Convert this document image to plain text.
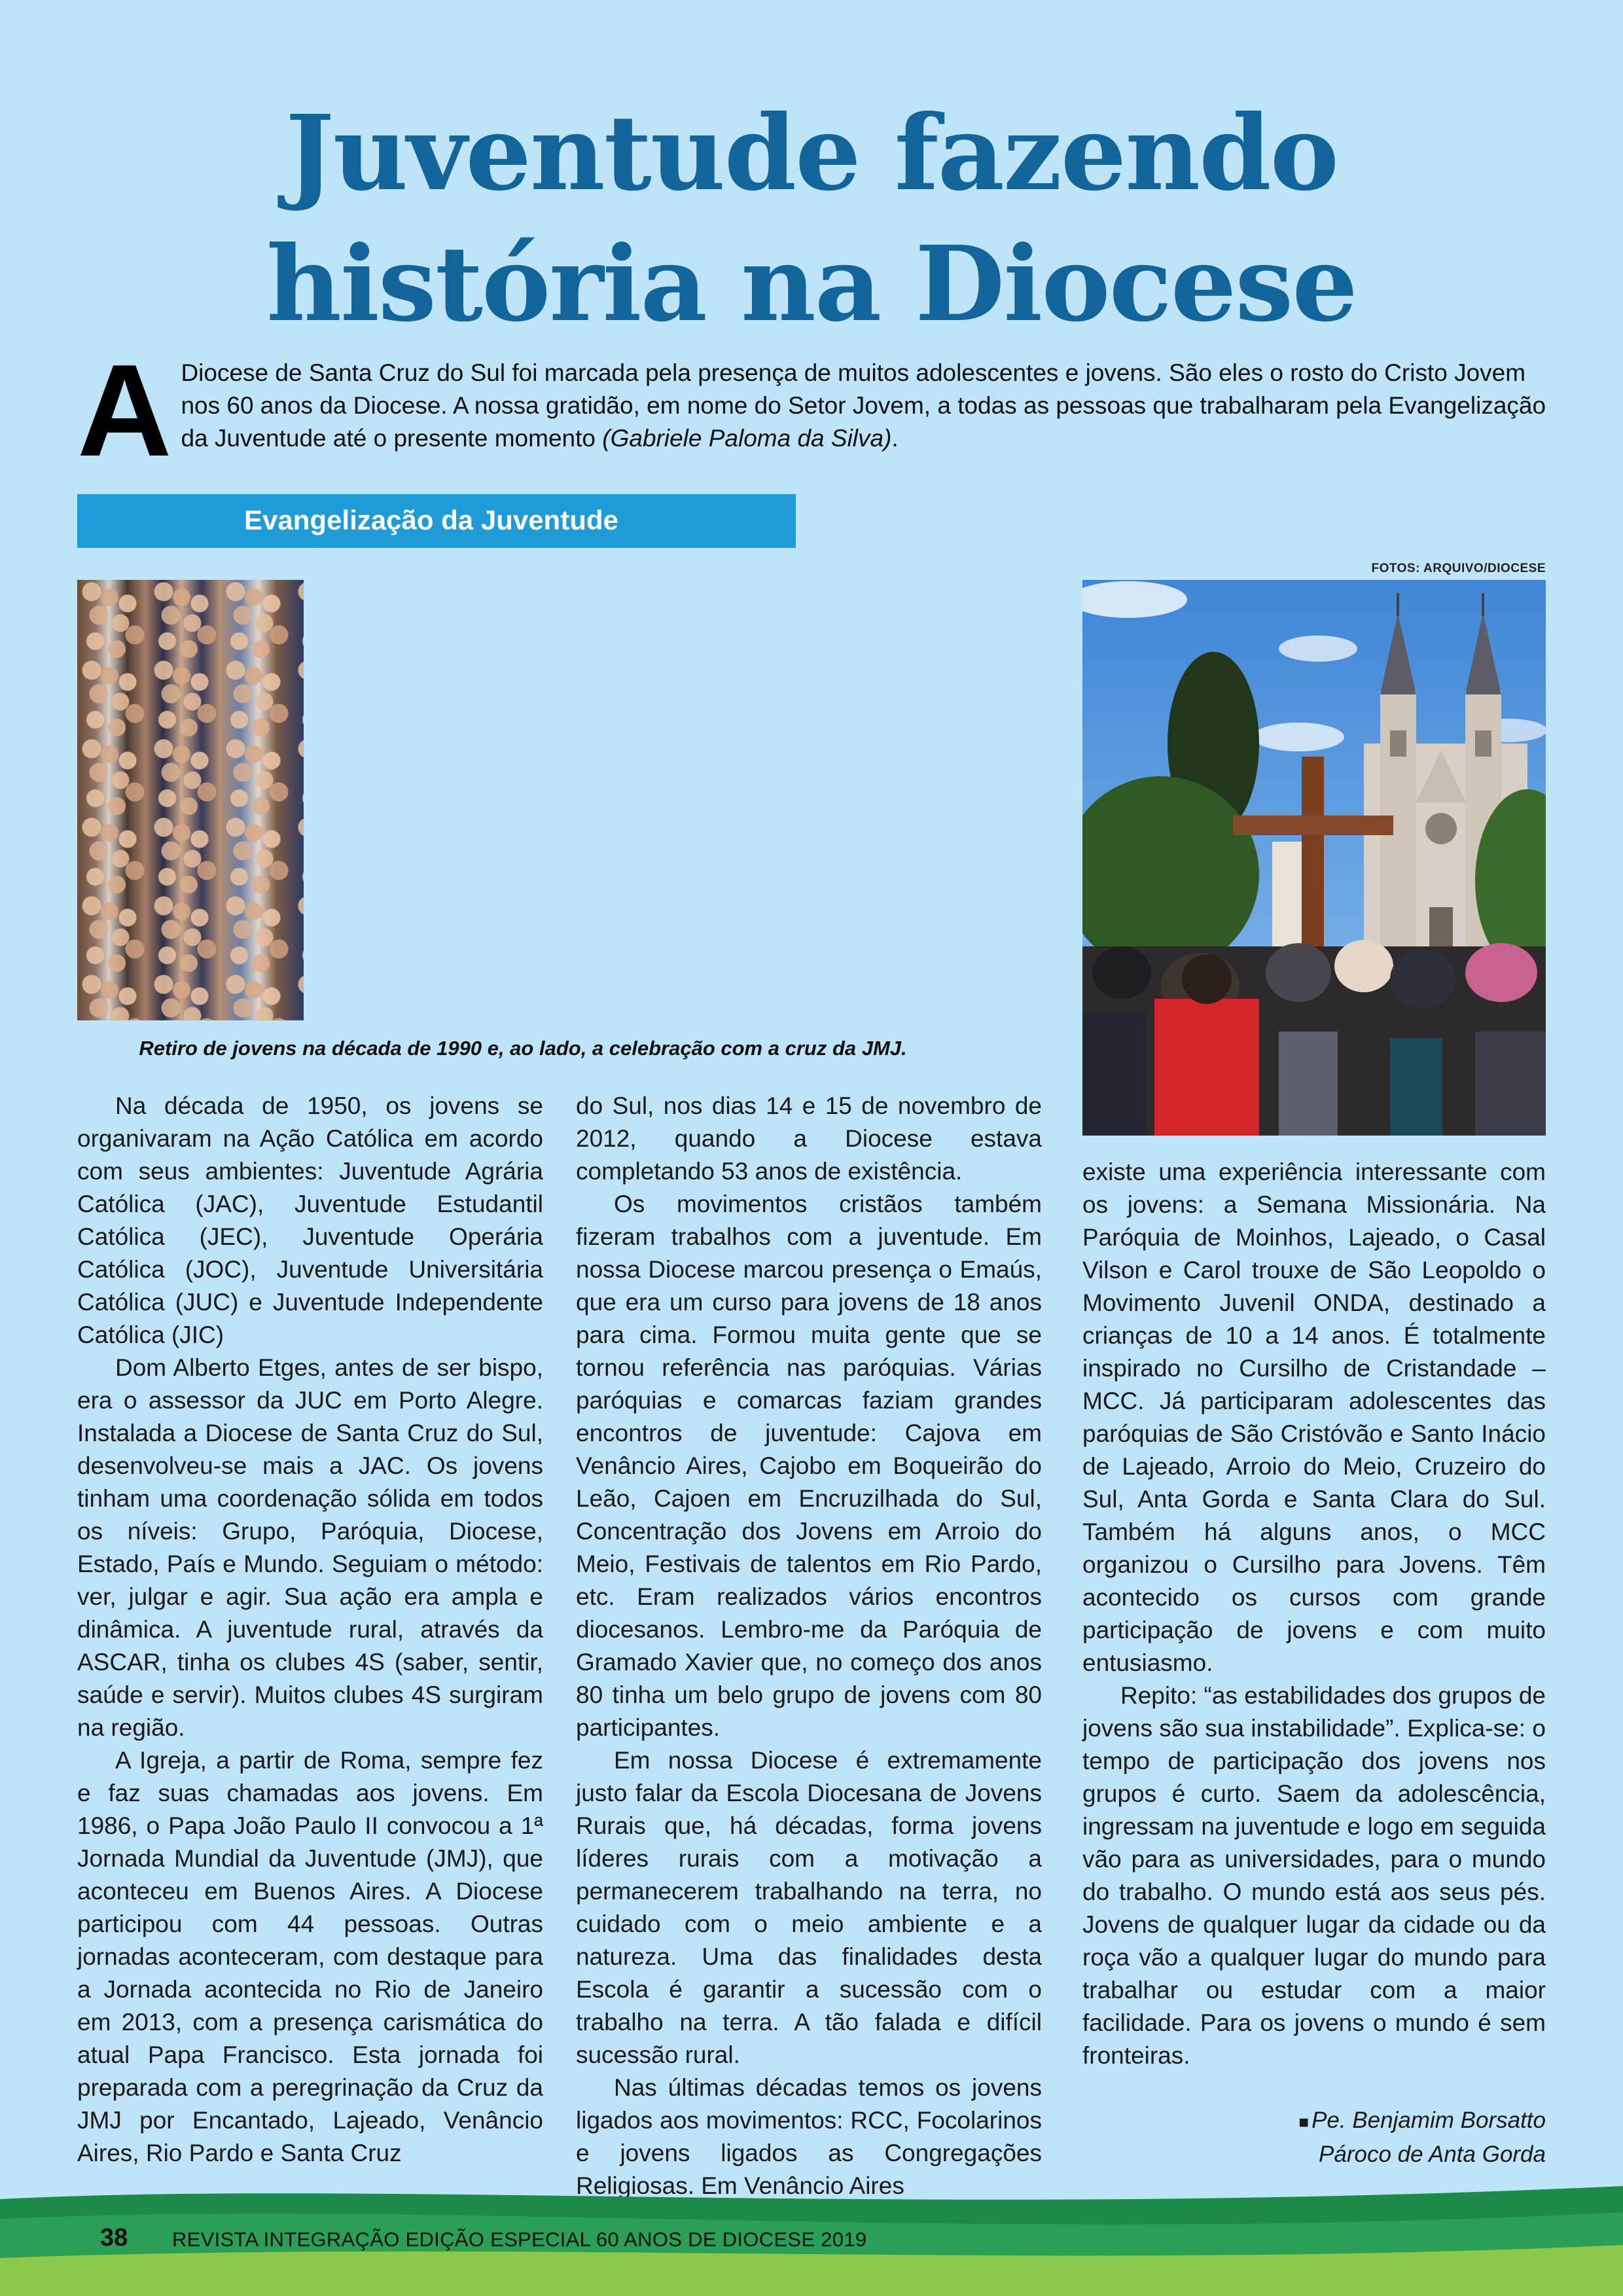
Juventude fazendo
história na Diocese
A Diocese de Santa Cruz do Sul foi marcada pela presença de muitos adolescentes e jovens. São eles o rosto do Cristo Jovem nos 60 anos da Diocese. A nossa gratidão, em nome do Setor Jovem, a todas as pessoas que trabalharam pela Evangelização da Juventude até o presente momento (Gabriele Paloma da Silva).
Evangelização da Juventude
FOTOS: ARQUIVO/DIOCESE
Retiro de jovens na década de 1990 e, ao lado, a celebração com a cruz da JMJ.

Na década de 1950, os jovens se organivaram na Ação Católica em acordo com seus ambientes: Juventude Agrária Católica (JAC), Juventude Estudantil Católica (JEC), Juventude Operária Católica (JOC), Juventude Universitária Católica (JUC) e Juventude Independente Católica (JIC)

Dom Alberto Etges, antes de ser bispo, era o assessor da JUC em Porto Alegre. Instalada a Diocese de Santa Cruz do Sul, desenvolveu-se mais a JAC. Os jovens tinham uma coordenação sólida em todos os níveis: Grupo, Paróquia, Diocese, Estado, País e Mundo. Seguiam o método: ver, julgar e agir. Sua ação era ampla e dinâmica. A juventude rural, através da ASCAR, tinha os clubes 4S (saber, sentir, saúde e servir). Muitos clubes 4S surgiram na região.

A Igreja, a partir de Roma, sempre fez e faz suas chamadas aos jovens. Em 1986, o Papa João Paulo II convocou a 1ª Jornada Mundial da Juventude (JMJ), que aconteceu em Buenos Aires. A Diocese participou com 44 pessoas. Outras jornadas aconteceram, com destaque para a Jornada acontecida no Rio de Janeiro em 2013, com a presença carismática do atual Papa Francisco. Esta jornada foi preparada com a peregrinação da Cruz da JMJ por Encantado, Lajeado, Venâncio Aires, Rio Pardo e Santa Cruz

do Sul, nos dias 14 e 15 de novembro de 2012, quando a Diocese estava completando 53 anos de existência.

Os movimentos cristãos também fizeram trabalhos com a juventude. Em nossa Diocese marcou presença o Emaús, que era um curso para jovens de 18 anos para cima. Formou muita gente que se tornou referência nas paróquias. Várias paróquias e comarcas faziam grandes encontros de juventude: Cajova em Venâncio Aires, Cajobo em Boqueirão do Leão, Cajoen em Encruzilhada do Sul, Concentração dos Jovens em Arroio do Meio, Festivais de talentos em Rio Pardo, etc. Eram realizados vários encontros diocesanos. Lembro-me da Paróquia de Gramado Xavier que, no começo dos anos 80 tinha um belo grupo de jovens com 80 participantes.

Em nossa Diocese é extremamente justo falar da Escola Diocesana de Jovens Rurais que, há décadas, forma jovens líderes rurais com a motivação a permanecerem trabalhando na terra, no cuidado com o meio ambiente e a natureza. Uma das finalidades desta Escola é garantir a sucessão com o trabalho na terra. A tão falada e difícil sucessão rural.

Nas últimas décadas temos os jovens ligados aos movimentos: RCC, Focolarinos e jovens ligados as Congregações Religiosas. Em Venâncio Aires

existe uma experiência interessante com os jovens: a Semana Missionária. Na Paróquia de Moinhos, Lajeado, o Casal Vilson e Carol trouxe de São Leopoldo o Movimento Juvenil ONDA, destinado a crianças de 10 a 14 anos. É totalmente inspirado no Cursilho de Cristandade – MCC. Já participaram adolescentes das paróquias de São Cristóvão e Santo Inácio de Lajeado, Arroio do Meio, Cruzeiro do Sul, Anta Gorda e Santa Clara do Sul. Também há alguns anos, o MCC organizou o Cursilho para Jovens. Têm acontecido os cursos com grande participação de jovens e com muito entusiasmo.

Repito: “as estabilidades dos grupos de jovens são sua instabilidade”. Explica-se: o tempo de participação dos jovens nos grupos é curto. Saem da adolescência, ingressam na juventude e logo em seguida vão para as universidades, para o mundo do trabalho. O mundo está aos seus pés. Jovens de qualquer lugar da cidade ou da roça vão a qualquer lugar do mundo para trabalhar ou estudar com a maior facilidade. Para os jovens o mundo é sem fronteiras.

■ Pe. Benjamim Borsatto
Pároco de Anta Gorda
38 REVISTA INTEGRAÇÃO EDIÇÃO ESPECIAL 60 ANOS DE DIOCESE 2019
